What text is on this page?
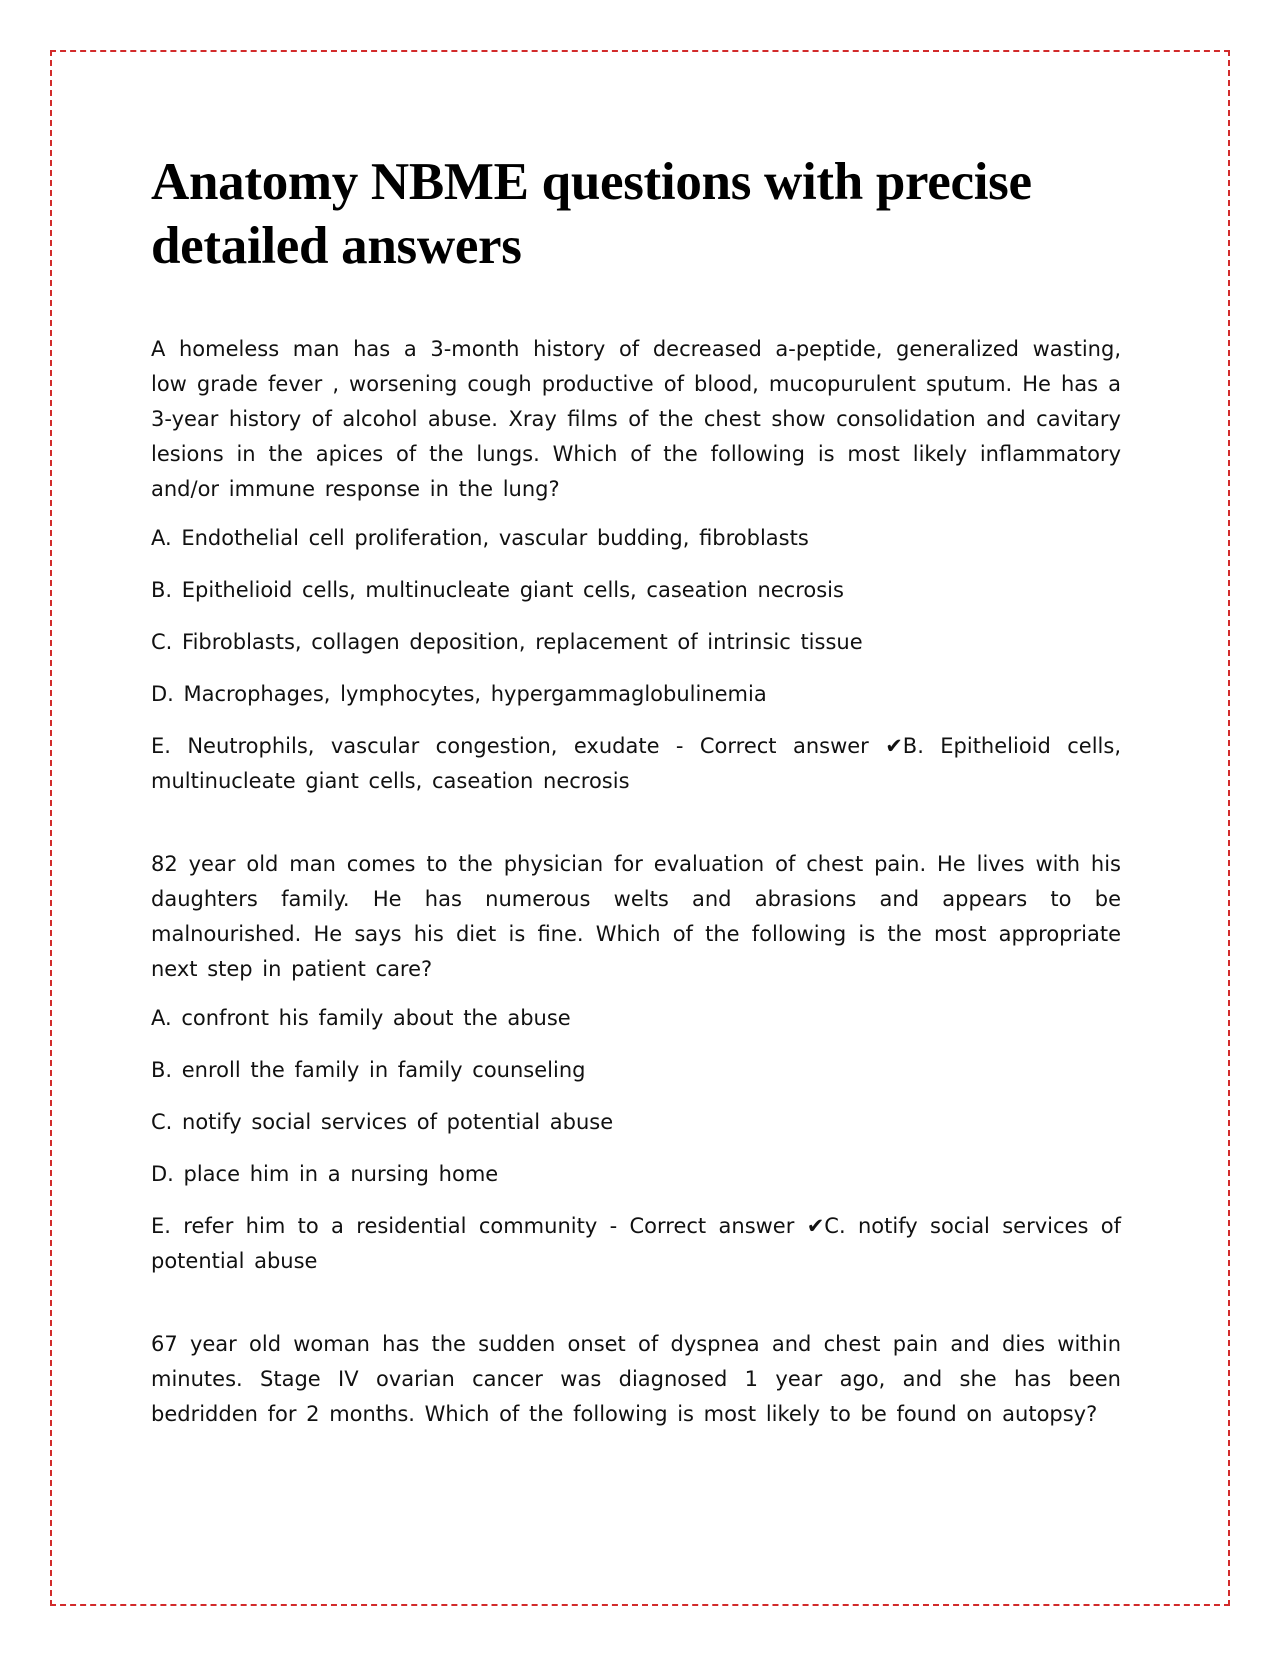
Anatomy NBME questions with precise detailed answers

A homeless man has a 3-month history of decreased a-peptide, generalized wasting, low grade fever , worsening cough productive of blood, mucopurulent sputum. He has a 3-year history of alcohol abuse. Xray films of the chest show consolidation and cavitary lesions in the apices of the lungs. Which of the following is most likely inflammatory and/or immune response in the lung?

A. Endothelial cell proliferation, vascular budding, fibroblasts

B. Epithelioid cells, multinucleate giant cells, caseation necrosis

C. Fibroblasts, collagen deposition, replacement of intrinsic tissue

D. Macrophages, lymphocytes, hypergammaglobulinemia

E. Neutrophils, vascular congestion, exudate - Correct answer ✔B. Epithelioid cells, multinucleate giant cells, caseation necrosis

82 year old man comes to the physician for evaluation of chest pain. He lives with his daughters family. He has numerous welts and abrasions and appears to be malnourished. He says his diet is fine. Which of the following is the most appropriate next step in patient care?

A. confront his family about the abuse

B. enroll the family in family counseling

C. notify social services of potential abuse

D. place him in a nursing home

E. refer him to a residential community - Correct answer ✔C. notify social services of potential abuse

67 year old woman has the sudden onset of dyspnea and chest pain and dies within minutes. Stage IV ovarian cancer was diagnosed 1 year ago, and she has been bedridden for 2 months. Which of the following is most likely to be found on autopsy?
